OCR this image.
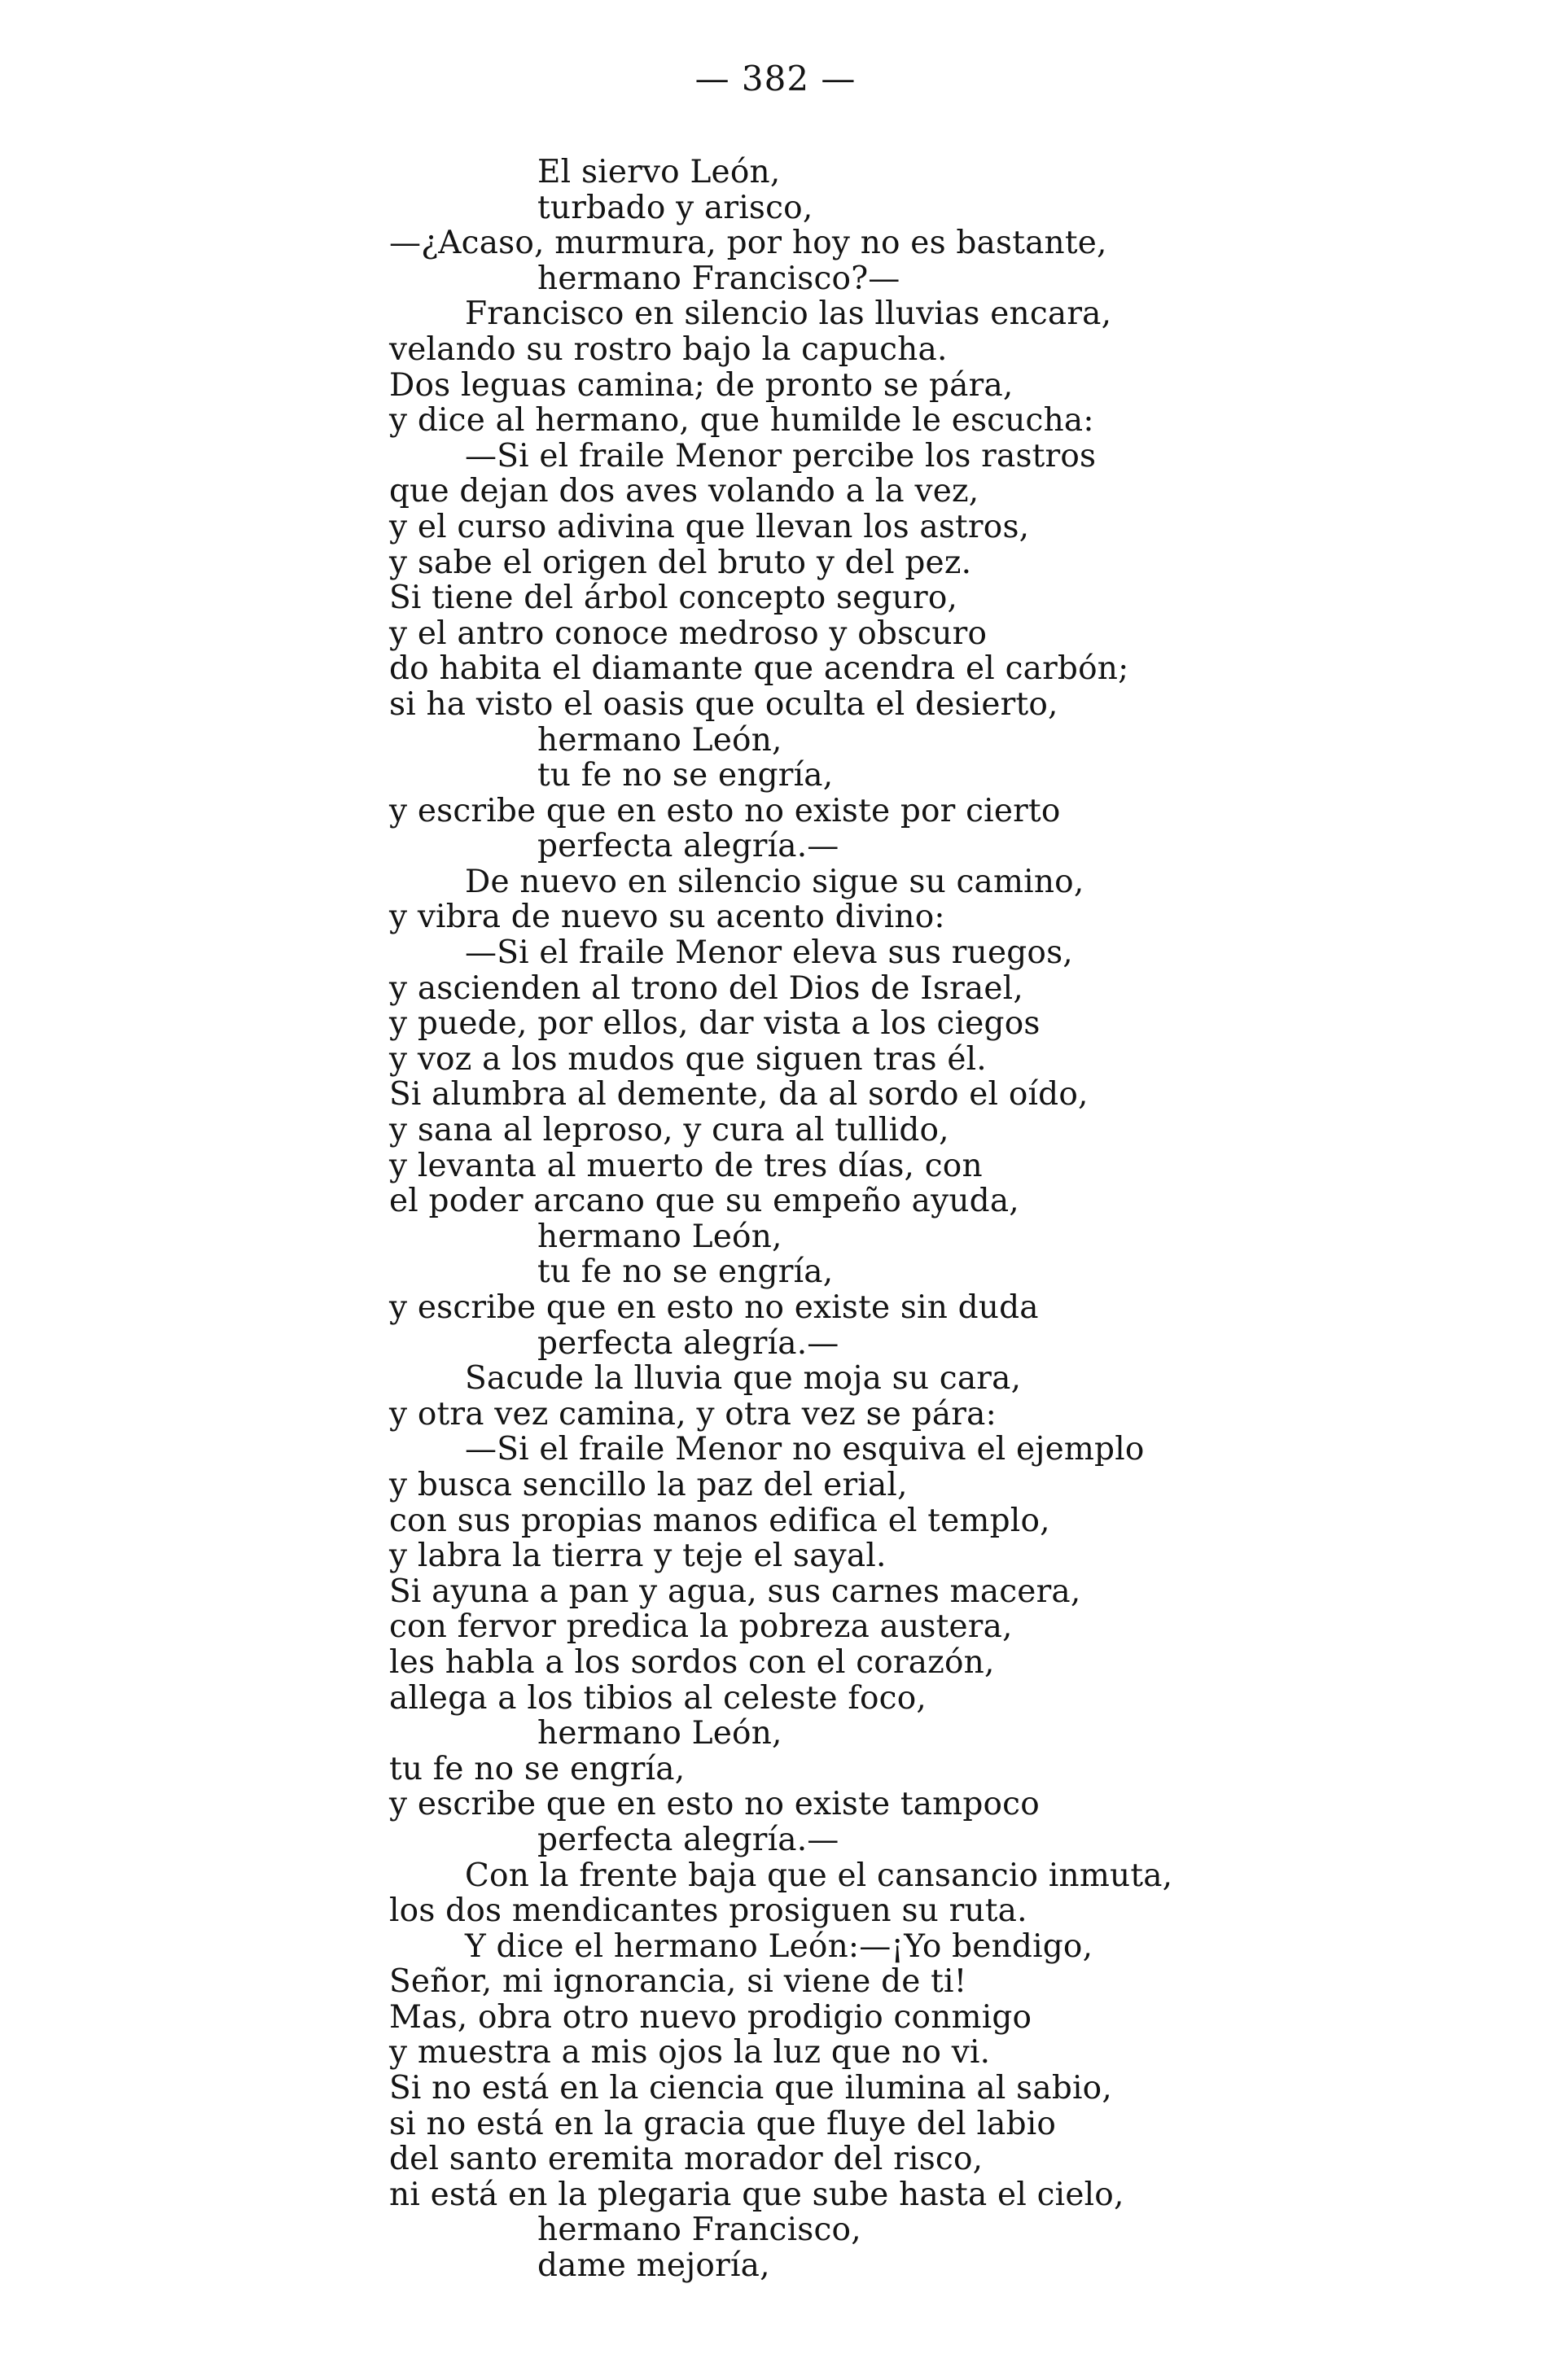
— 382 —
El siervo León,
turbado y arisco,
—¿Acaso, murmura, por hoy no es bastante,
hermano Francisco?—
Francisco en silencio las lluvias encara,
velando su rostro bajo la capucha.
Dos leguas camina; de pronto se pára,
y dice al hermano, que humilde le escucha:
—Si el fraile Menor percibe los rastros
que dejan dos aves volando a la vez,
y el curso adivina que llevan los astros,
y sabe el origen del bruto y del pez.
Si tiene del árbol concepto seguro,
y el antro conoce medroso y obscuro
do habita el diamante que acendra el carbón;
si ha visto el oasis que oculta el desierto,
hermano León,
tu fe no se engría,
y escribe que en esto no existe por cierto
perfecta alegría.—
De nuevo en silencio sigue su camino,
y vibra de nuevo su acento divino:
—Si el fraile Menor eleva sus ruegos,
y ascienden al trono del Dios de Israel,
y puede, por ellos, dar vista a los ciegos
y voz a los mudos que siguen tras él.
Si alumbra al demente, da al sordo el oído,
y sana al leproso, y cura al tullido,
y levanta al muerto de tres días, con
el poder arcano que su empeño ayuda,
hermano León,
tu fe no se engría,
y escribe que en esto no existe sin duda
perfecta alegría.—
Sacude la lluvia que moja su cara,
y otra vez camina, y otra vez se pára:
—Si el fraile Menor no esquiva el ejemplo
y busca sencillo la paz del erial,
con sus propias manos edifica el templo,
y labra la tierra y teje el sayal.
Si ayuna a pan y agua, sus carnes macera,
con fervor predica la pobreza austera,
les habla a los sordos con el corazón,
allega a los tibios al celeste foco,
hermano León,
tu fe no se engría,
y escribe que en esto no existe tampoco
perfecta alegría.—
Con la frente baja que el cansancio inmuta,
los dos mendicantes prosiguen su ruta.
Y dice el hermano León:—¡Yo bendigo,
Señor, mi ignorancia, si viene de ti!
Mas, obra otro nuevo prodigio conmigo
y muestra a mis ojos la luz que no vi.
Si no está en la ciencia que ilumina al sabio,
si no está en la gracia que fluye del labio
del santo eremita morador del risco,
ni está en la plegaria que sube hasta el cielo,
hermano Francisco,
dame mejoría,
